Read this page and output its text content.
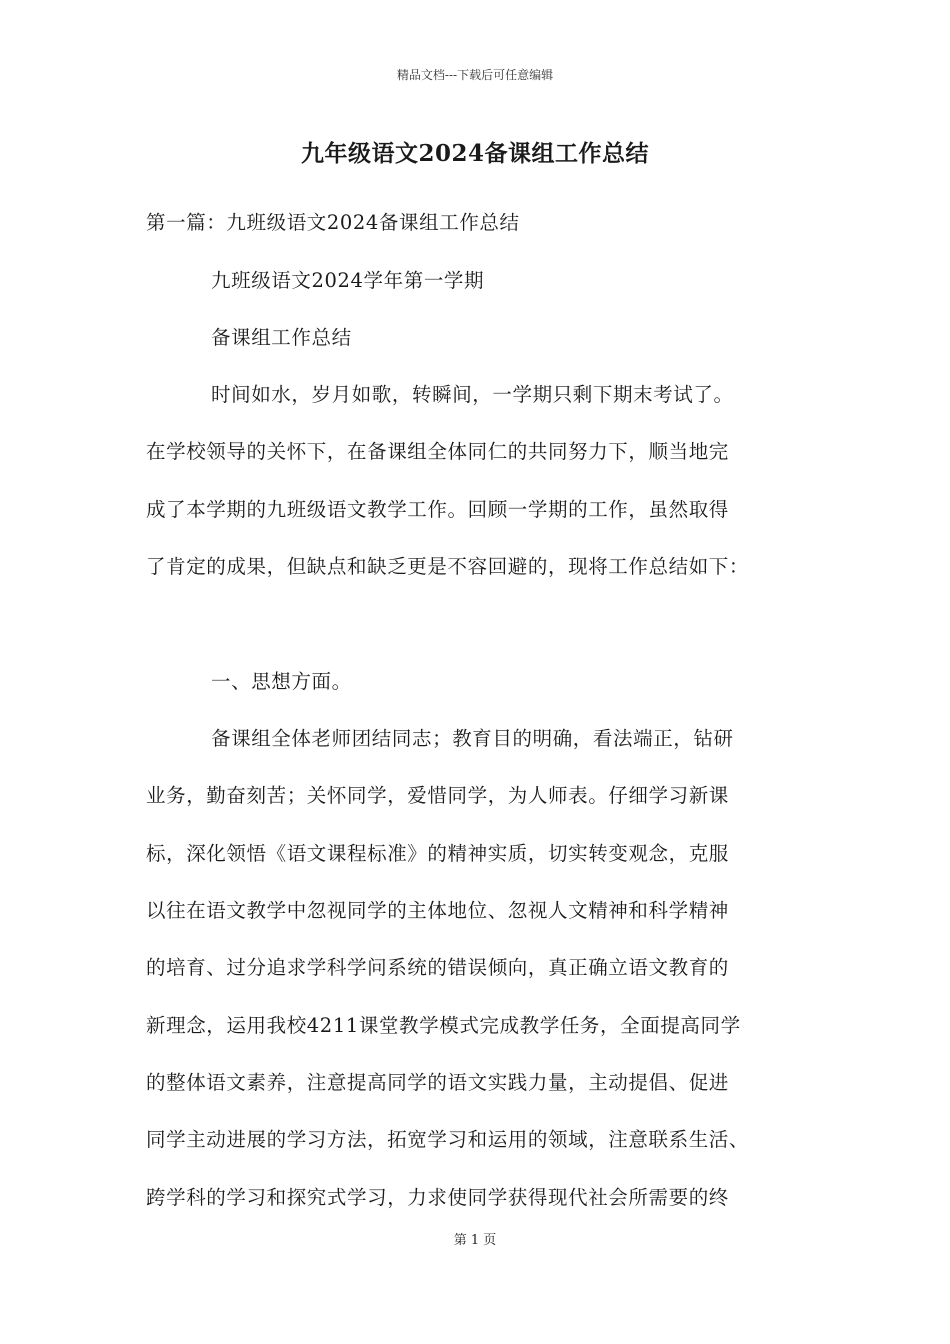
精品文档---下载后可任意编辑
九年级语文2024备课组工作总结
第一篇：九班级语文2024备课组工作总结
九班级语文2024学年第一学期
备课组工作总结
时间如水，岁月如歌，转瞬间，一学期只剩下期末考试了。
在学校领导的关怀下，在备课组全体同仁的共同努力下，顺当地完
成了本学期的九班级语文教学工作。回顾一学期的工作，虽然取得
了肯定的成果，但缺点和缺乏更是不容回避的，现将工作总结如下：
一、思想方面。
备课组全体老师团结同志；教育目的明确，看法端正，钻研
业务，勤奋刻苦；关怀同学，爱惜同学，为人师表。仔细学习新课
标，深化领悟《语文课程标准》的精神实质，切实转变观念，克服
以往在语文教学中忽视同学的主体地位、忽视人文精神和科学精神
的培育、过分追求学科学问系统的错误倾向，真正确立语文教育的
新理念，运用我校4211课堂教学模式完成教学任务，全面提高同学
的整体语文素养，注意提高同学的语文实践力量，主动提倡、促进
同学主动进展的学习方法，拓宽学习和运用的领域，注意联系生活、
跨学科的学习和探究式学习，力求使同学获得现代社会所需要的终
第 1 页
